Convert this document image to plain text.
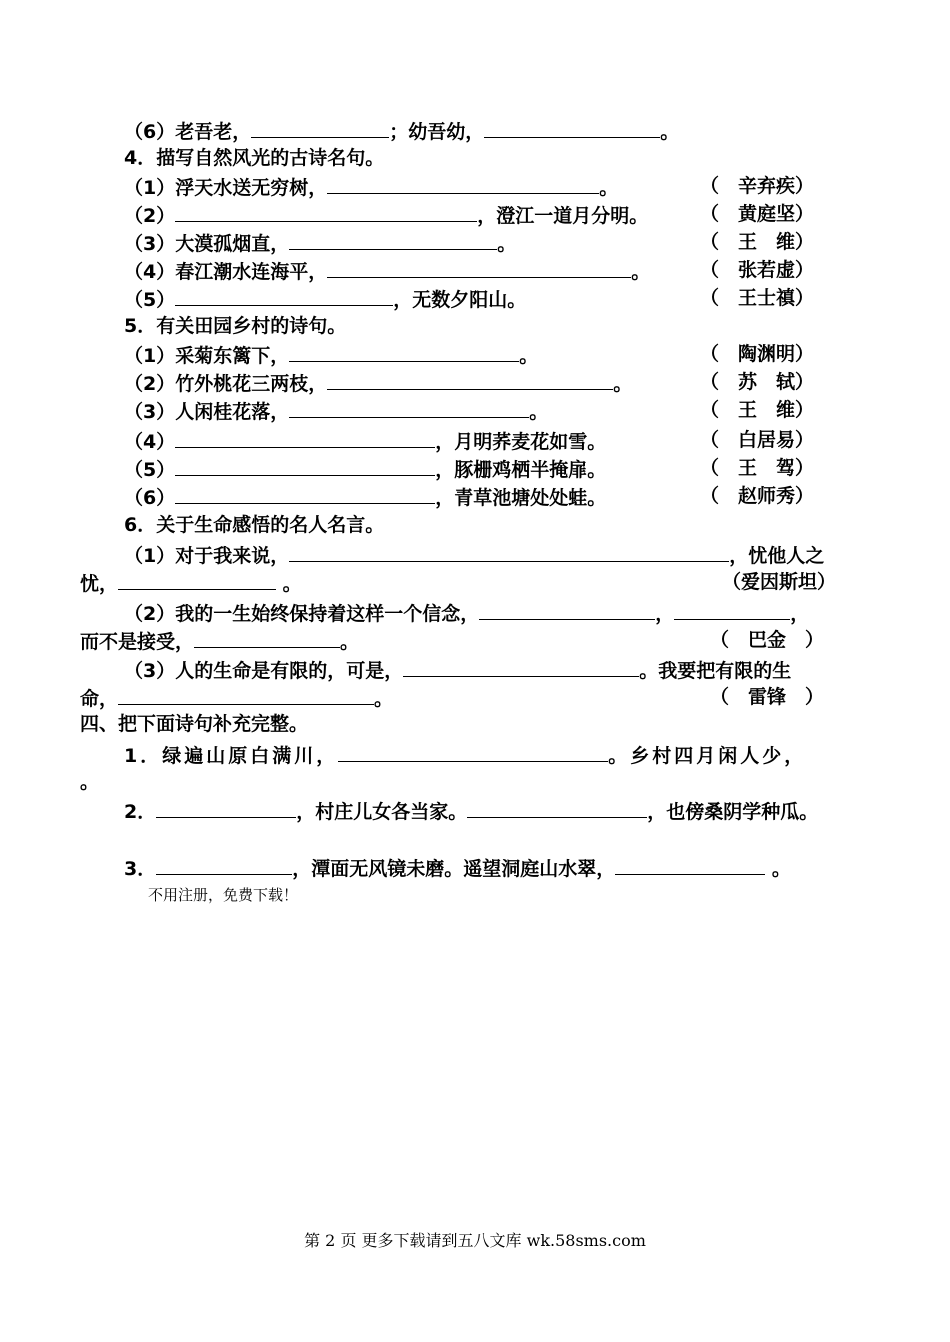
（6）老吾老，	；幼吾幼，	。
4．描写自然风光的古诗名句。
（1）浮天水送无穷树，	。	（　辛弃疾）
（2）	，澄江一道月分明。	（　黄庭坚）
（3）大漠孤烟直，	。	（　王　维）
（4）春江潮水连海平，	。	（　张若虚）
（5）	，无数夕阳山。	（　王士禛）
5．有关田园乡村的诗句。
（1）采菊东篱下，	。	（　陶渊明）
（2）竹外桃花三两枝，	。	（　苏　轼）
（3）人闲桂花落，	。	（　王　维）
（4）	，月明荞麦花如雪。	（　白居易）
（5）	，豚栅鸡栖半掩扉。	（　王　驾）
（6）	，青草池塘处处蛙。	（　赵师秀）
6．关于生命感悟的名人名言。
（1）对于我来说，	，忧他人之
忧，	。	（爱因斯坦）
（2）我的一生始终保持着这样一个信念，	，	，
而不是接受，	。	（　巴金　）
（3）人的生命是有限的，可是，	。我要把有限的生
命，	。	（　雷锋　）
四、把下面诗句补充完整。
1．绿遍山原白满川，	。乡村四月闲人少，
。
2．	，村庄儿女各当家。	，也傍桑阴学种瓜。
3．	，潭面无风镜未磨。遥望洞庭山水翠，	。
不用注册，免费下载！
第 2 页 更多下载请到五八文库 wk.58sms.com
